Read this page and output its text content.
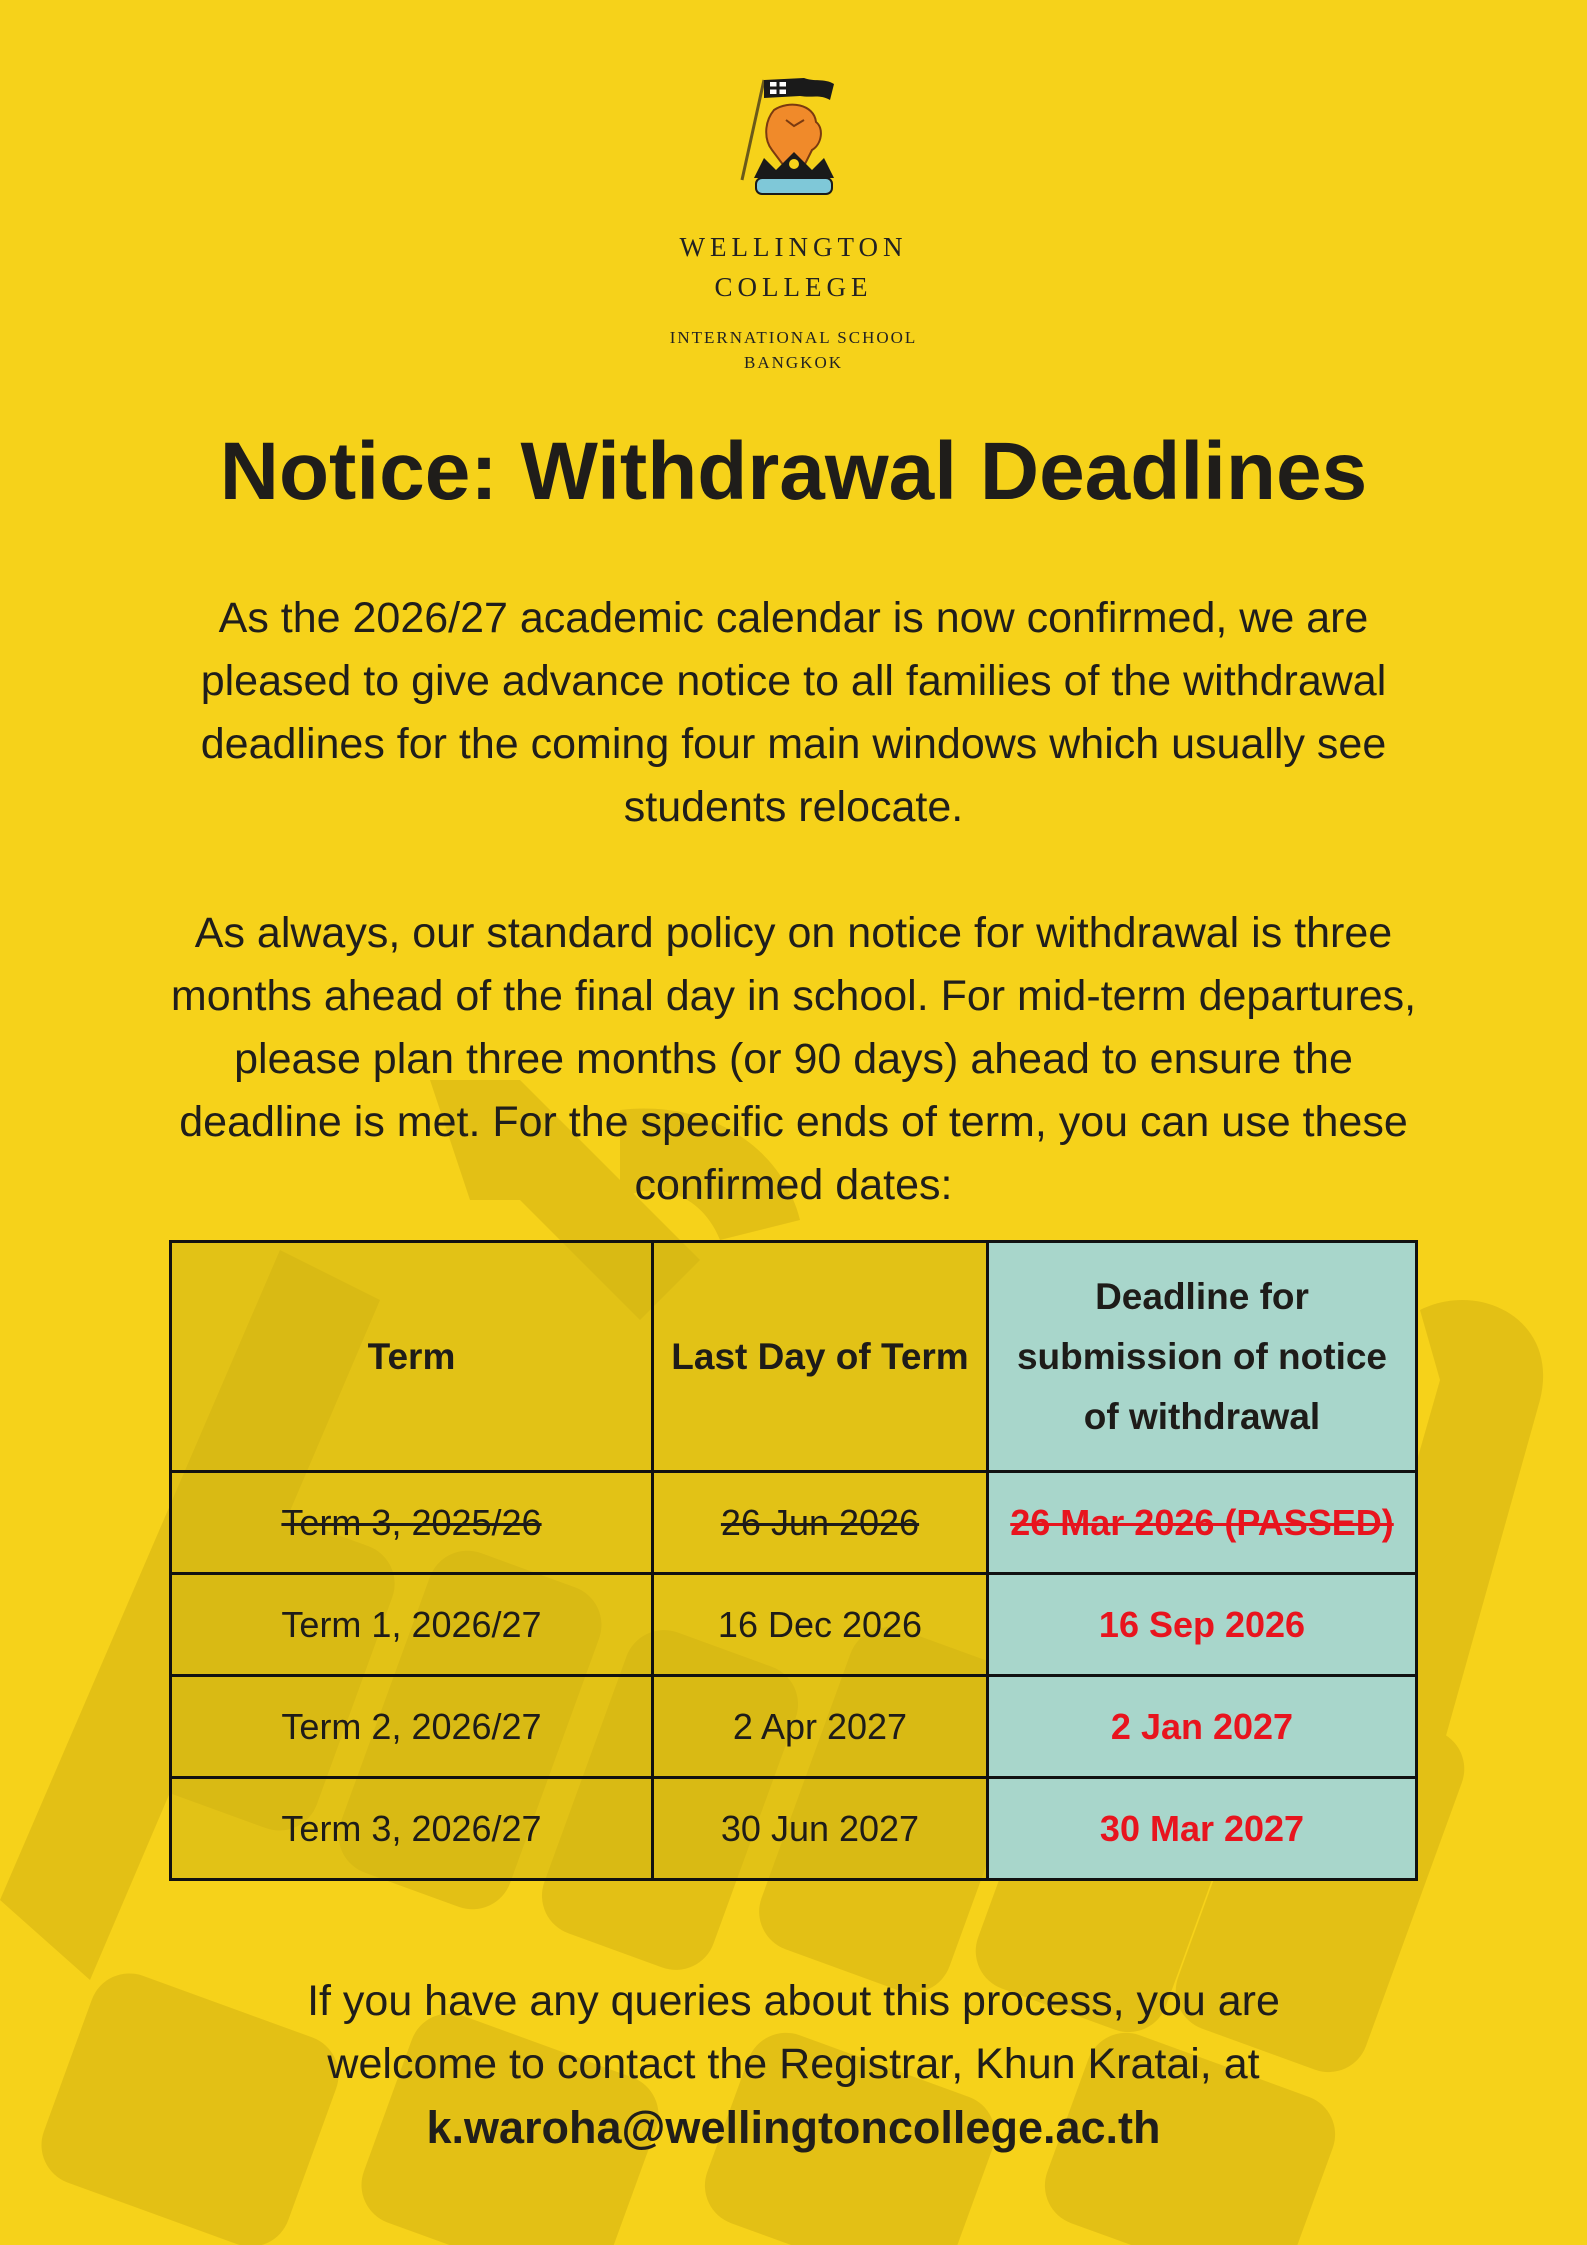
WELLINGTON
COLLEGE
INTERNATIONAL SCHOOL
BANGKOK
Notice: Withdrawal Deadlines
As the 2026/27 academic calendar is now confirmed, we are pleased to give advance notice to all families of the withdrawal deadlines for the coming four main windows which usually see students relocate.
As always, our standard policy on notice for withdrawal is three months ahead of the final day in school. For mid-term departures, please plan three months (or 90 days) ahead to ensure the deadline is met. For the specific ends of term, you can use these confirmed dates:
Term	Last Day of Term	Deadline for submission of notice of withdrawal
Term 3, 2025/26	26 Jun 2026	26 Mar 2026 (PASSED)
Term 1, 2026/27	16 Dec 2026	16 Sep 2026
Term 2, 2026/27	2 Apr 2027	2 Jan 2027
Term 3, 2026/27	30 Jun 2027	30 Mar 2027
If you have any queries about this process, you are
welcome to contact the Registrar, Khun Kratai, at
k.waroha@wellingtoncollege.ac.th
